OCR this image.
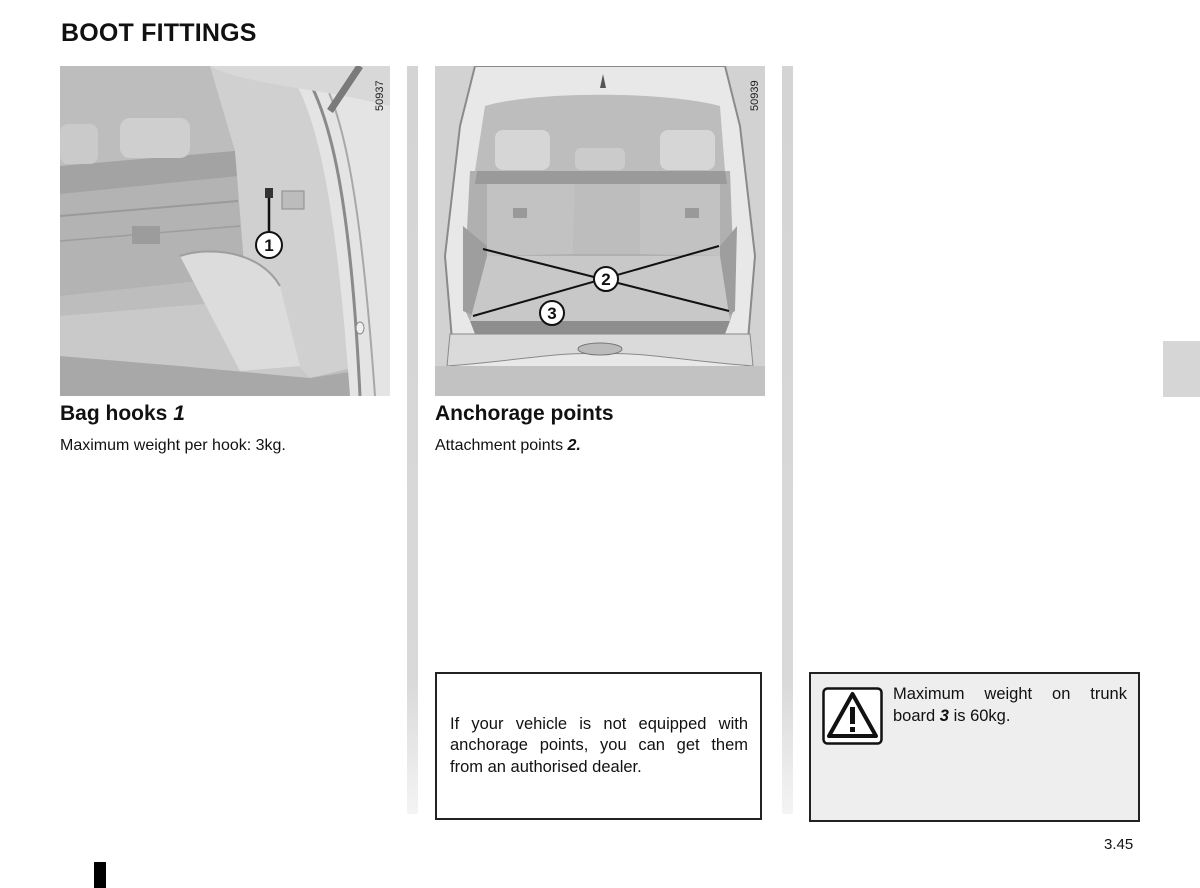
BOOT FITTINGS
1
50937
2
3
50939
Bag hooks 1
Maximum weight per hook: 3kg.
Anchorage points
Attachment points 2.
If your vehicle is not equipped with anchorage points, you can get them from an authorised dealer.
Maximum weight on trunk board 3 is 60kg.
3.45
